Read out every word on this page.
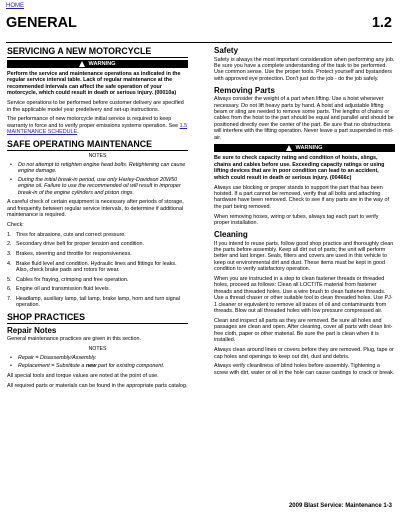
HOME
GENERAL	1.2
SERVICING A NEW MOTORCYCLE
WARNING

Perform the service and maintenance operations as indicated in the regular service interval table. Lack of regular maintenance at the recommended intervals can affect the safe operation of your motorcycle, which could result in death or serious injury. (00010a)

Service operations to be performed before customer delivery are specified in the applicable model year predelivery and set-up instructions.

The performance of new motorcycle initial service is required to keep warranty in force and to verify proper emissions systems operation. See 1.5 MAINTENANCE SCHEDULE.

SAFE OPERATING MAINTENANCE
NOTES
• Do not attempt to retighten engine head bolts. Retightening can cause engine damage.
• During the initial break-in period, use only Harley-Davidson 20W50 engine oil. Failure to use the recommended oil will result in improper break-in of the engine cylinders and piston rings.

A careful check of certain equipment is necessary after periods of storage, and frequently between regular service intervals, to determine if additional maintenance is required.

Check:

1. Tires for abrasions, cuts and correct pressure.
2. Secondary drive belt for proper tension and condition.
3. Brakes, steering and throttle for responsiveness.
4. Brake fluid level and condition. Hydraulic lines and fittings for leaks. Also, check brake pads and rotors for wear.
5. Cables for fraying, crimping and free operation.
6. Engine oil and transmission fluid levels.
7. Headlamp, auxiliary lamp, tail lamp, brake lamp, horn and turn signal operation.
SHOP PRACTICES
Repair Notes

General maintenance practices are given in this section.

NOTES
• Repair = Disassembly/Assembly.
• Replacement = Substitute a new part for existing component.

All special tools and torque values are noted at the point of use.

All required parts or materials can be found in the appropriate parts catalog.

Safety

Safety is always the most important consideration when performing any job. Be sure you have a complete understanding of the task to be performed. Use common sense. Use the proper tools. Protect yourself and bystanders with approved eye protection. Don't just do the job - do the job safely.

Removing Parts

Always consider the weight of a part when lifting. Use a hoist whenever necessary. Do not lift heavy parts by hand. A hoist and adjustable lifting beam or sling are needed to remove some parts. The lengths of chains or cables from the hoist to the part should be equal and parallel and should be positioned directly over the center of the part. Be sure that no obstructions will interfere with the lifting operation. Never leave a part suspended in mid-air.

WARNING

Be sure to check capacity rating and condition of hoists, slings, chains and cables before use. Exceeding capacity ratings or using lifting devices that are in poor condition can lead to an accident, which could result in death or serious injury. (00466c)

Always use blocking or proper stands to support the part that has been hoisted. If a part cannot be removed, verify that all bolts and attaching hardware have been removed. Check to see if any parts are in the way of the part being removed.

When removing hoses, wiring or tubes, always tag each part to verify proper installation.

Cleaning

If you intend to reuse parts, follow good shop practice and thoroughly clean the parts before assembly. Keep all dirt out of parts; the unit will perform better and last longer. Seals, filters and covers are used in this vehicle to keep out environmental dirt and dust. These items must be kept in good condition to verify satisfactory operation.

When you are instructed in a step to clean fastener threads or threaded holes, proceed as follows: Clean all LOCTITE material from fastener threads and threaded holes. Use a wire brush to clean fastener threads. Use a thread chaser or other suitable tool to clean threaded holes. Use PJ-1 cleaner or equivalent to remove all traces of oil and contaminants from threads. Blow out all threaded holes with low pressure compressed air.

Clean and inspect all parts as they are removed. Be sure all holes and passages are clean and open. After cleaning, cover all parts with clean lint-free cloth, paper or other material. Be sure the part is clean when it is installed.

Always clean around lines or covers before they are removed. Plug, tape or cap holes and openings to keep out dirt, dust and debris.

Always verify cleanliness of blind holes before assembly. Tightening a screw with dirt, water or oil in the hole can cause castings to crack or break.

2009 Blast Service: Maintenance 1-3
